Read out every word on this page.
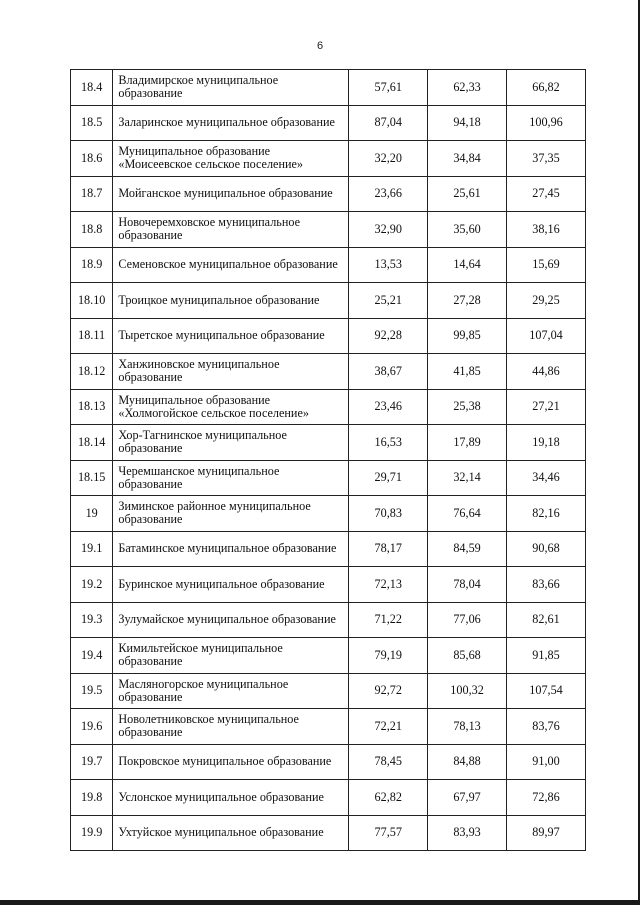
6
18.4	Владимирское муниципальное образование	57,61	62,33	66,82
18.5	Заларинское муниципальное образование	87,04	94,18	100,96
18.6	Муниципальное образование «Моисеевское сельское поселение»	32,20	34,84	37,35
18.7	Мойганское муниципальное образование	23,66	25,61	27,45
18.8	Новочеремховское муниципальное образование	32,90	35,60	38,16
18.9	Семеновское муниципальное образование	13,53	14,64	15,69
18.10	Троицкое муниципальное образование	25,21	27,28	29,25
18.11	Тыретское муниципальное образование	92,28	99,85	107,04
18.12	Ханжиновское муниципальное образование	38,67	41,85	44,86
18.13	Муниципальное образование «Холмогойское сельское поселение»	23,46	25,38	27,21
18.14	Хор-Тагнинское муниципальное образование	16,53	17,89	19,18
18.15	Черемшанское муниципальное образование	29,71	32,14	34,46
19	Зиминское районное муниципальное образование	70,83	76,64	82,16
19.1	Батаминское муниципальное образование	78,17	84,59	90,68
19.2	Буринское муниципальное образование	72,13	78,04	83,66
19.3	Зулумайское муниципальное образование	71,22	77,06	82,61
19.4	Кимильтейское муниципальное образование	79,19	85,68	91,85
19.5	Масляногорское муниципальное образование	92,72	100,32	107,54
19.6	Новолетниковское муниципальное образование	72,21	78,13	83,76
19.7	Покровское муниципальное образование	78,45	84,88	91,00
19.8	Услонское муниципальное образование	62,82	67,97	72,86
19.9	Ухтуйское муниципальное образование	77,57	83,93	89,97
